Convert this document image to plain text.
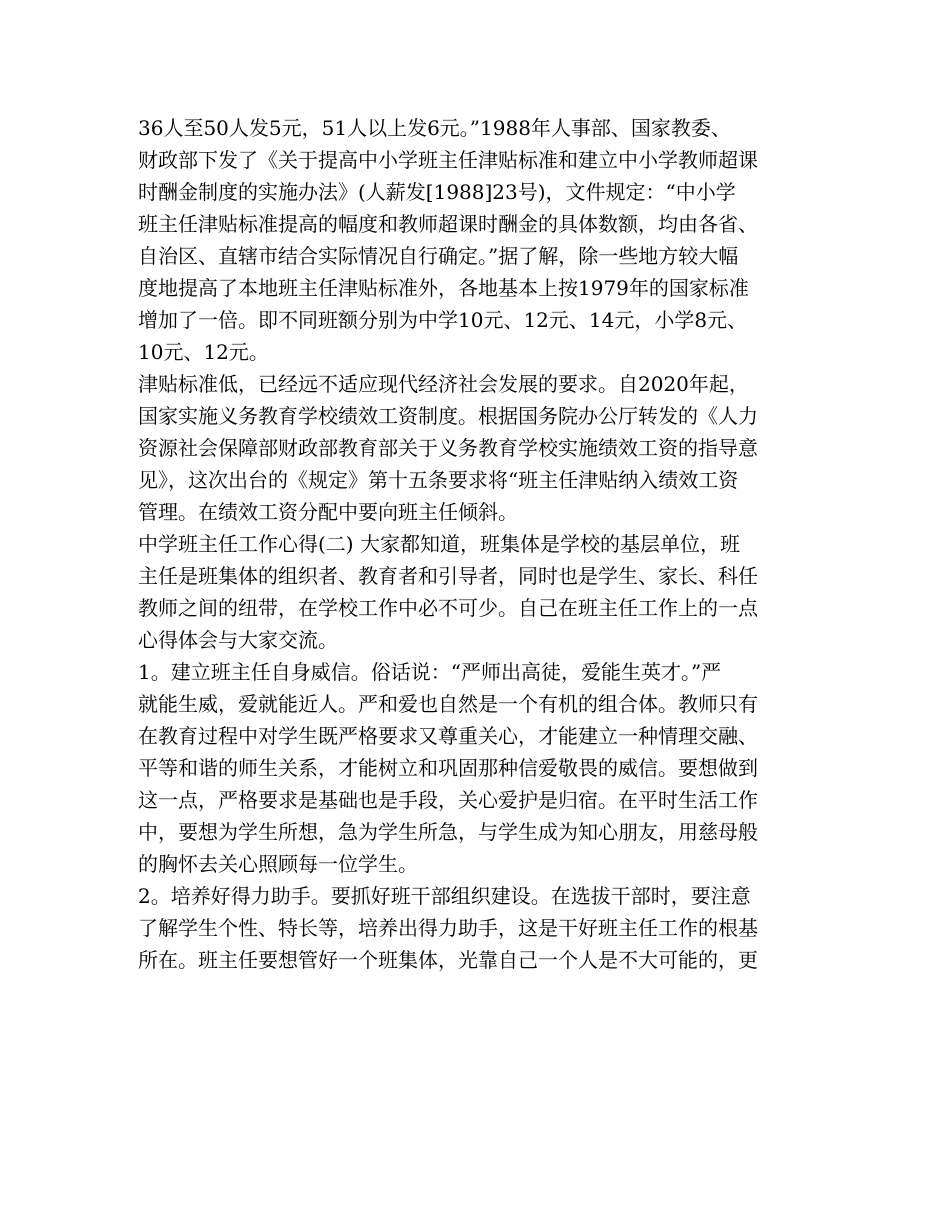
36人至50人发5元，51人以上发6元。”1988年人事部、国家教委、
财政部下发了《关于提高中小学班主任津贴标准和建立中小学教师超课
时酬金制度的实施办法》(人薪发[1988]23号)，文件规定：“中小学
班主任津贴标准提高的幅度和教师超课时酬金的具体数额，均由各省、
自治区、直辖市结合实际情况自行确定。”据了解，除一些地方较大幅
度地提高了本地班主任津贴标准外，各地基本上按1979年的国家标准
增加了一倍。即不同班额分别为中学10元、12元、14元，小学8元、
10元、12元。
津贴标准低，已经远不适应现代经济社会发展的要求。自2020年起，
国家实施义务教育学校绩效工资制度。根据国务院办公厅转发的《人力
资源社会保障部财政部教育部关于义务教育学校实施绩效工资的指导意
见》，这次出台的《规定》第十五条要求将“班主任津贴纳入绩效工资
管理。在绩效工资分配中要向班主任倾斜。
中学班主任工作心得(二) 大家都知道，班集体是学校的基层单位，班
主任是班集体的组织者、教育者和引导者，同时也是学生、家长、科任
教师之间的纽带，在学校工作中必不可少。自己在班主任工作上的一点
心得体会与大家交流。
1。建立班主任自身威信。俗话说：“严师出高徒，爱能生英才。”严
就能生威，爱就能近人。严和爱也自然是一个有机的组合体。教师只有
在教育过程中对学生既严格要求又尊重关心，才能建立一种情理交融、
平等和谐的师生关系，才能树立和巩固那种信爱敬畏的威信。要想做到
这一点，严格要求是基础也是手段，关心爱护是归宿。在平时生活工作
中，要想为学生所想，急为学生所急，与学生成为知心朋友，用慈母般
的胸怀去关心照顾每一位学生。
2。培养好得力助手。要抓好班干部组织建设。在选拔干部时，要注意
了解学生个性、特长等，培养出得力助手，这是干好班主任工作的根基
所在。班主任要想管好一个班集体，光靠自己一个人是不大可能的，更
